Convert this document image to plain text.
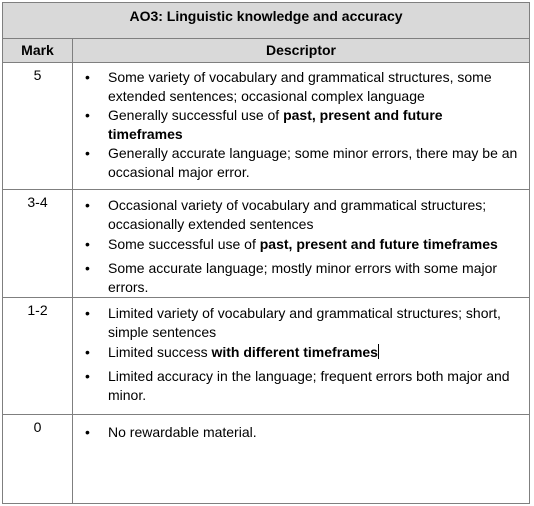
AO3: Linguistic knowledge and accuracy
Mark	Descriptor
5	• Some variety of vocabulary and grammatical structures, some extended sentences; occasional complex language
• Generally successful use of past, present and future timeframes
• Generally accurate language; some minor errors, there may be an occasional major error.
3-4	• Occasional variety of vocabulary and grammatical structures; occasionally extended sentences
• Some successful use of past, present and future timeframes
• Some accurate language; mostly minor errors with some major errors.
1-2	• Limited variety of vocabulary and grammatical structures; short, simple sentences
• Limited success with different timeframes
• Limited accuracy in the language; frequent errors both major and minor.
0	• No rewardable material.
